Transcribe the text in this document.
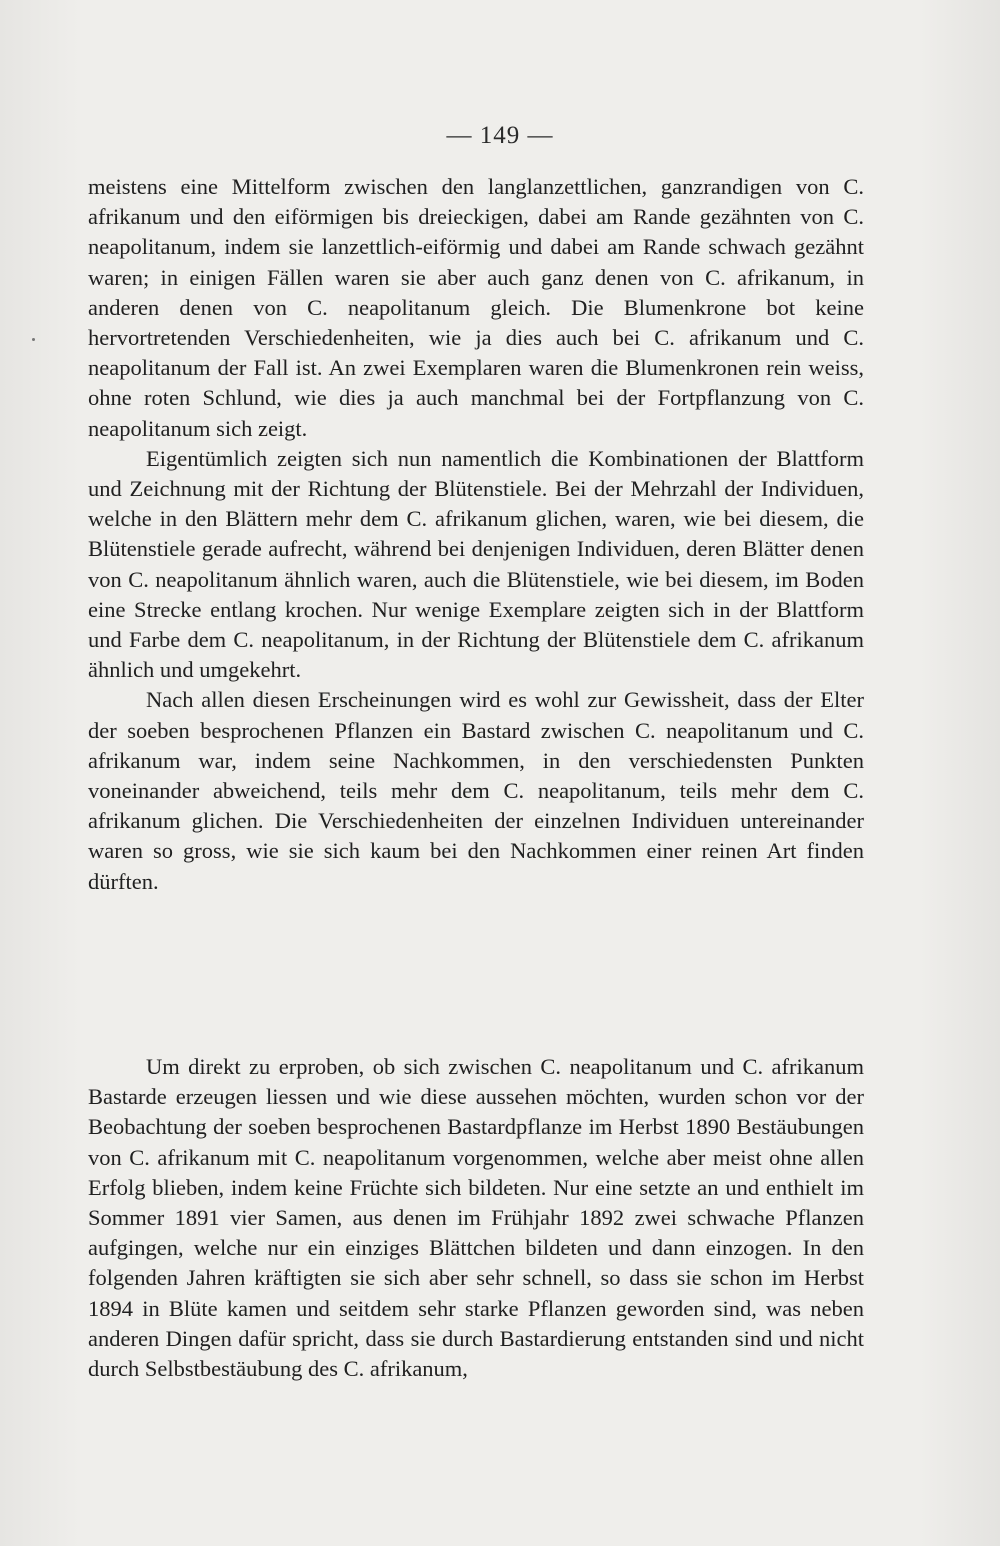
— 149 —

meistens eine Mittelform zwischen den langlanzettlichen, ganzrandigen von C. afrikanum und den eiförmigen bis dreieckigen, dabei am Rande gezähnten von C. neapolitanum, indem sie lanzettlich-eiförmig und dabei am Rande schwach gezähnt waren; in einigen Fällen waren sie aber auch ganz denen von C. afrikanum, in anderen denen von C. neapolitanum gleich. Die Blumenkrone bot keine hervortretenden Verschiedenheiten, wie ja dies auch bei C. afrikanum und C. neapolitanum der Fall ist. An zwei Exemplaren waren die Blumenkronen rein weiss, ohne roten Schlund, wie dies ja auch manchmal bei der Fortpflanzung von C. neapolitanum sich zeigt.

Eigentümlich zeigten sich nun namentlich die Kombinationen der Blattform und Zeichnung mit der Richtung der Blütenstiele. Bei der Mehrzahl der Individuen, welche in den Blättern mehr dem C. afrikanum glichen, waren, wie bei diesem, die Blütenstiele gerade aufrecht, während bei denjenigen Individuen, deren Blätter denen von C. neapolitanum ähnlich waren, auch die Blütenstiele, wie bei diesem, im Boden eine Strecke entlang krochen. Nur wenige Exemplare zeigten sich in der Blattform und Farbe dem C. neapolitanum, in der Richtung der Blütenstiele dem C. afrikanum ähnlich und umgekehrt.

Nach allen diesen Erscheinungen wird es wohl zur Gewissheit, dass der Elter der soeben besprochenen Pflanzen ein Bastard zwischen C. neapolitanum und C. afrikanum war, indem seine Nachkommen, in den verschiedensten Punkten voneinander abweichend, teils mehr dem C. neapolitanum, teils mehr dem C. afrikanum glichen. Die Verschiedenheiten der einzelnen Individuen untereinander waren so gross, wie sie sich kaum bei den Nachkommen einer reinen Art finden dürften.

Um direkt zu erproben, ob sich zwischen C. neapolitanum und C. afrikanum Bastarde erzeugen liessen und wie diese aussehen möchten, wurden schon vor der Beobachtung der soeben besprochenen Bastardpflanze im Herbst 1890 Bestäubungen von C. afrikanum mit C. neapolitanum vorgenommen, welche aber meist ohne allen Erfolg blieben, indem keine Früchte sich bildeten. Nur eine setzte an und enthielt im Sommer 1891 vier Samen, aus denen im Frühjahr 1892 zwei schwache Pflanzen aufgingen, welche nur ein einziges Blättchen bildeten und dann einzogen. In den folgenden Jahren kräftigten sie sich aber sehr schnell, so dass sie schon im Herbst 1894 in Blüte kamen und seitdem sehr starke Pflanzen geworden sind, was neben anderen Dingen dafür spricht, dass sie durch Bastardierung entstanden sind und nicht durch Selbstbestäubung des C. afrikanum,
